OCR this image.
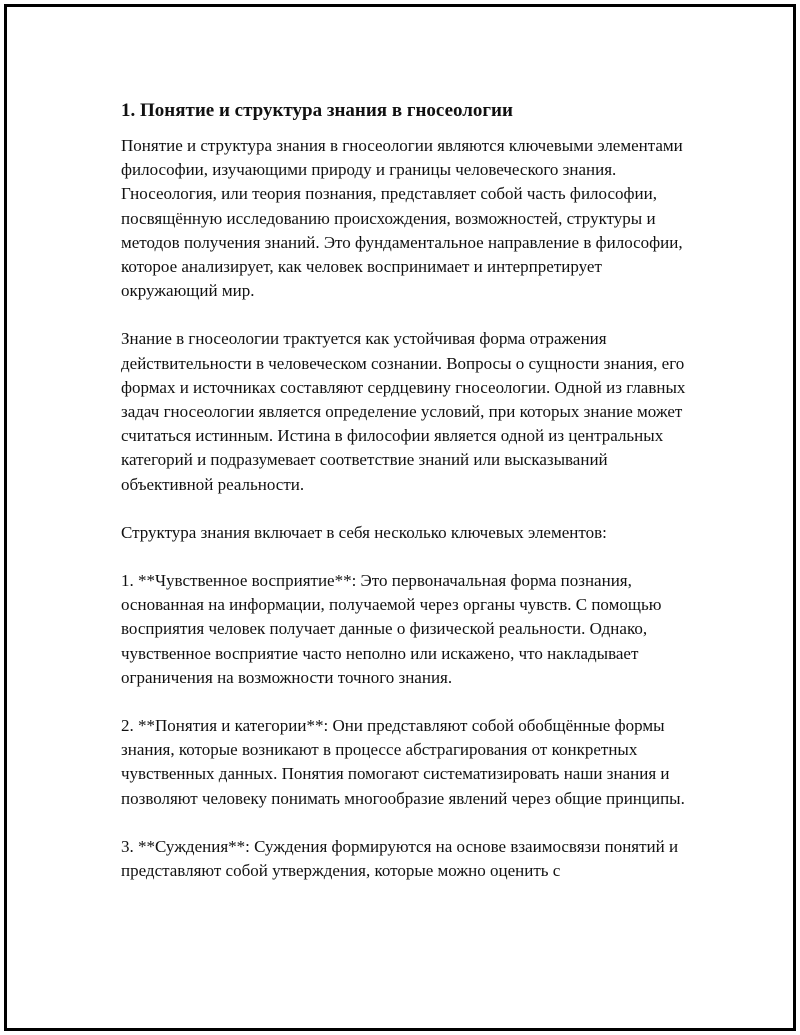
1. Понятие и структура знания в гносеологии

Понятие и структура знания в гносеологии являются ключевыми элементами философии, изучающими природу и границы человеческого знания. Гносеология, или теория познания, представляет собой часть философии, посвящённую исследованию происхождения, возможностей, структуры и методов получения знаний. Это фундаментальное направление в философии, которое анализирует, как человек воспринимает и интерпретирует окружающий мир.

Знание в гносеологии трактуется как устойчивая форма отражения действительности в человеческом сознании. Вопросы о сущности знания, его формах и источниках составляют сердцевину гносеологии. Одной из главных задач гносеологии является определение условий, при которых знание может считаться истинным. Истина в философии является одной из центральных категорий и подразумевает соответствие знаний или высказываний объективной реальности.

Структура знания включает в себя несколько ключевых элементов:

1. **Чувственное восприятие**: Это первоначальная форма познания, основанная на информации, получаемой через органы чувств. С помощью восприятия человек получает данные о физической реальности. Однако, чувственное восприятие часто неполно или искажено, что накладывает ограничения на возможности точного знания.

2. **Понятия и категории**: Они представляют собой обобщённые формы знания, которые возникают в процессе абстрагирования от конкретных чувственных данных. Понятия помогают систематизировать наши знания и позволяют человеку понимать многообразие явлений через общие принципы.

3. **Суждения**: Суждения формируются на основе взаимосвязи понятий и представляют собой утверждения, которые можно оценить с
